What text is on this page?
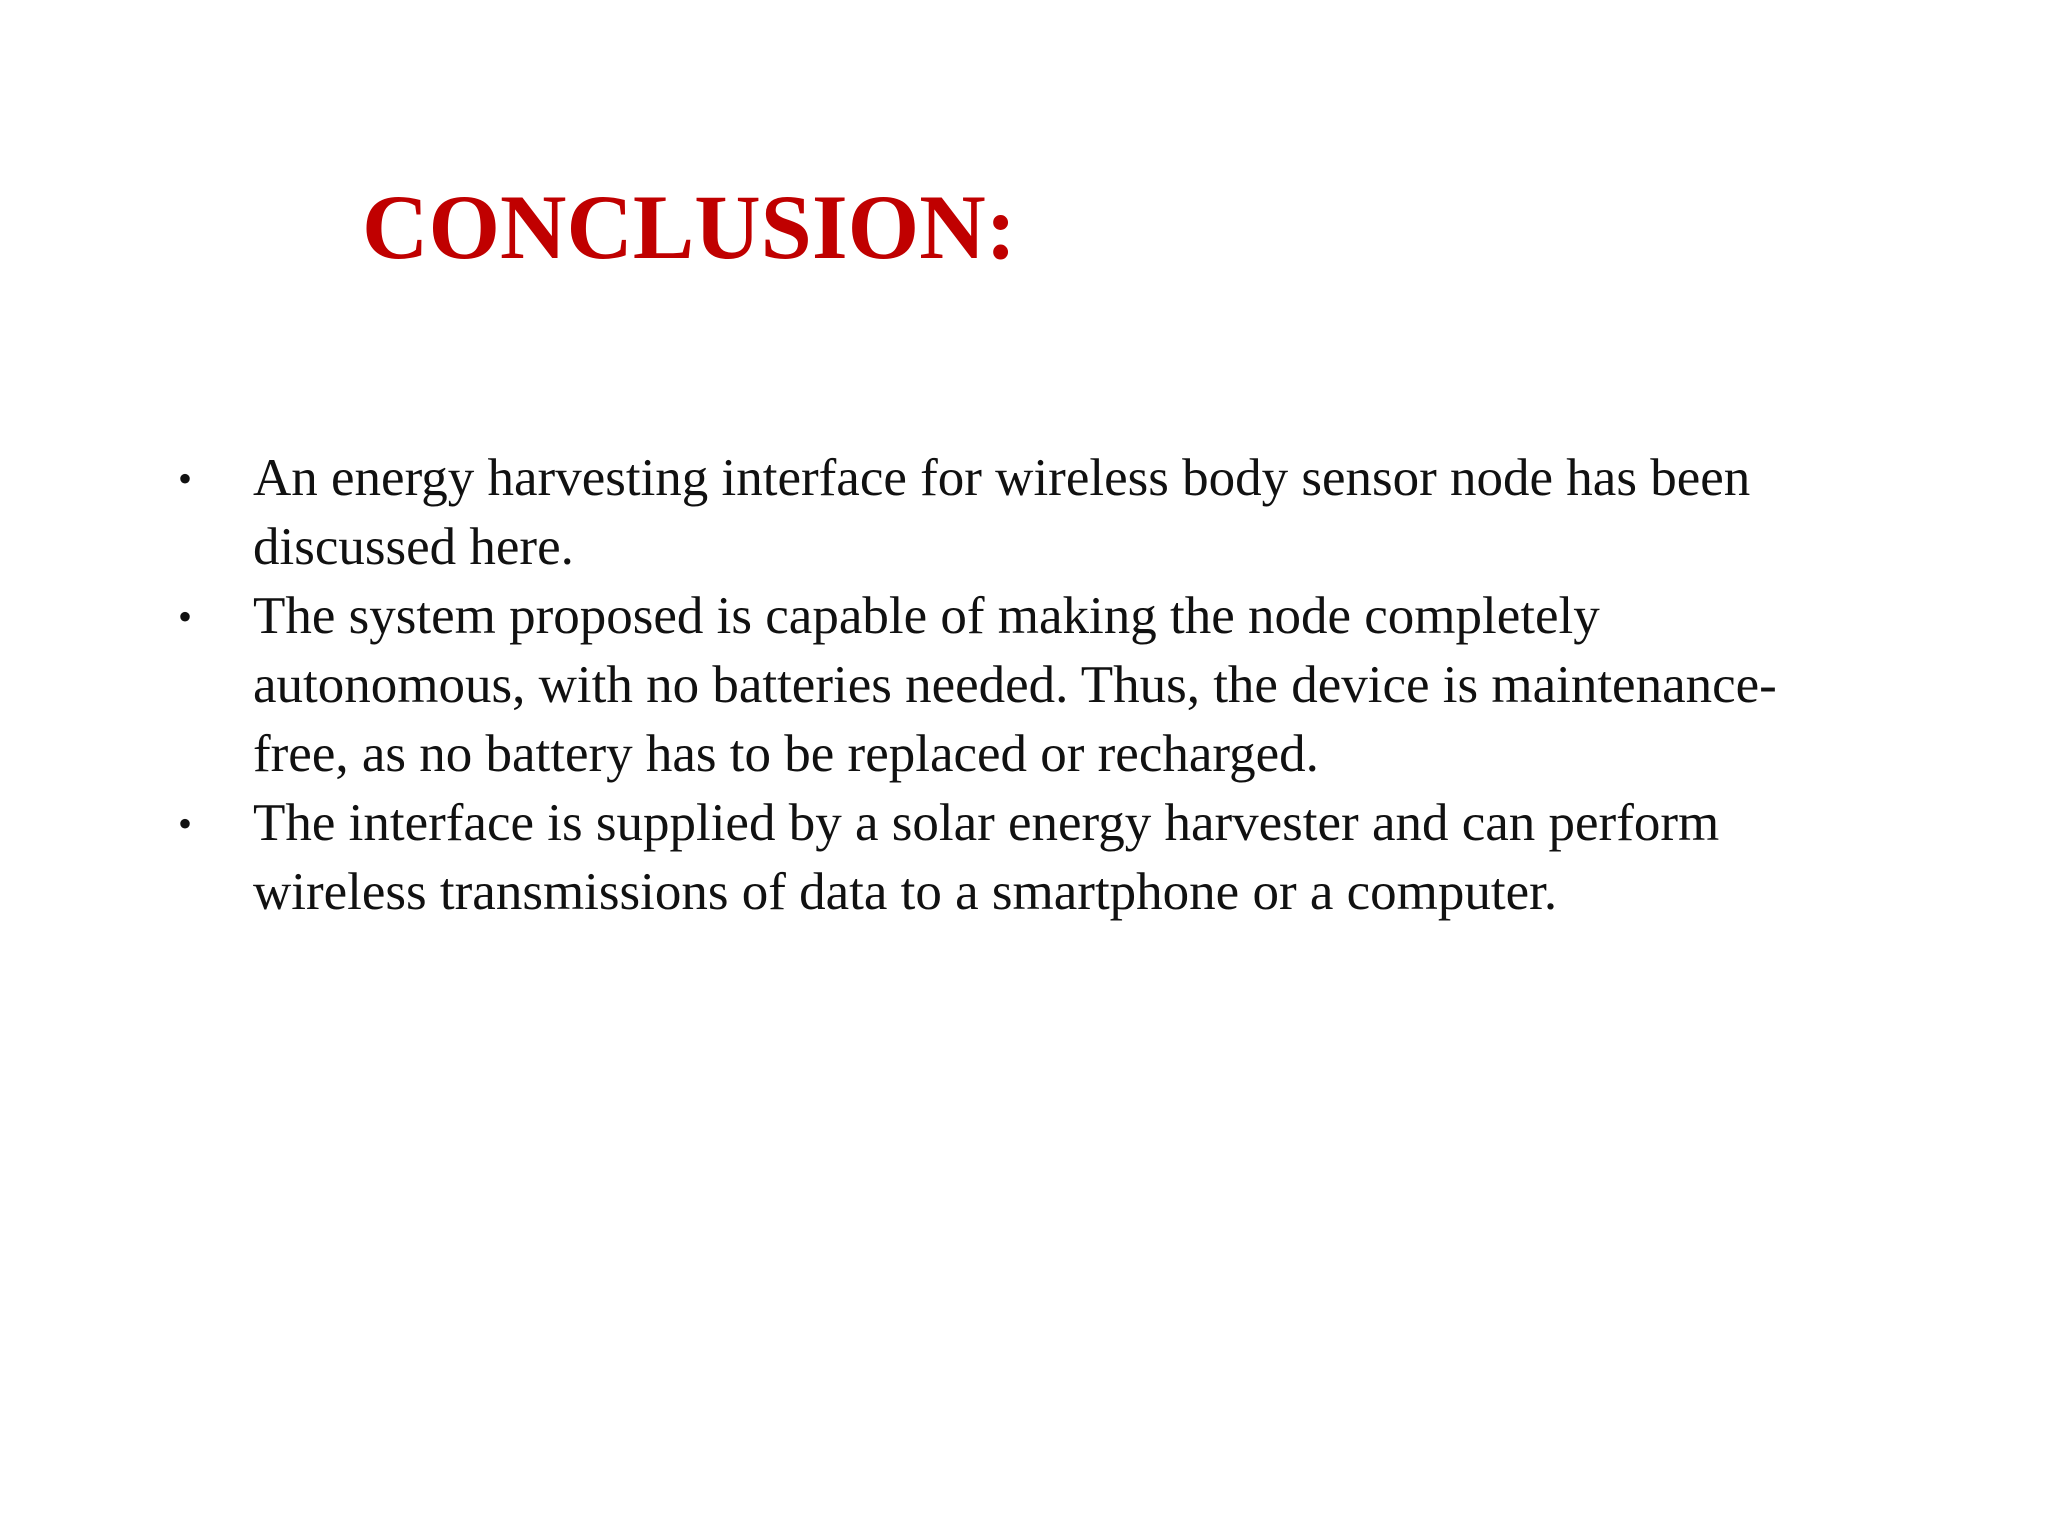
CONCLUSION:
• An energy harvesting interface for wireless body sensor node has been
discussed here.
• The system proposed is capable of making the node completely
autonomous, with no batteries needed. Thus, the device is maintenance-
free, as no battery has to be replaced or recharged.
• The interface is supplied by a solar energy harvester and can perform
wireless transmissions of data to a smartphone or a computer.
